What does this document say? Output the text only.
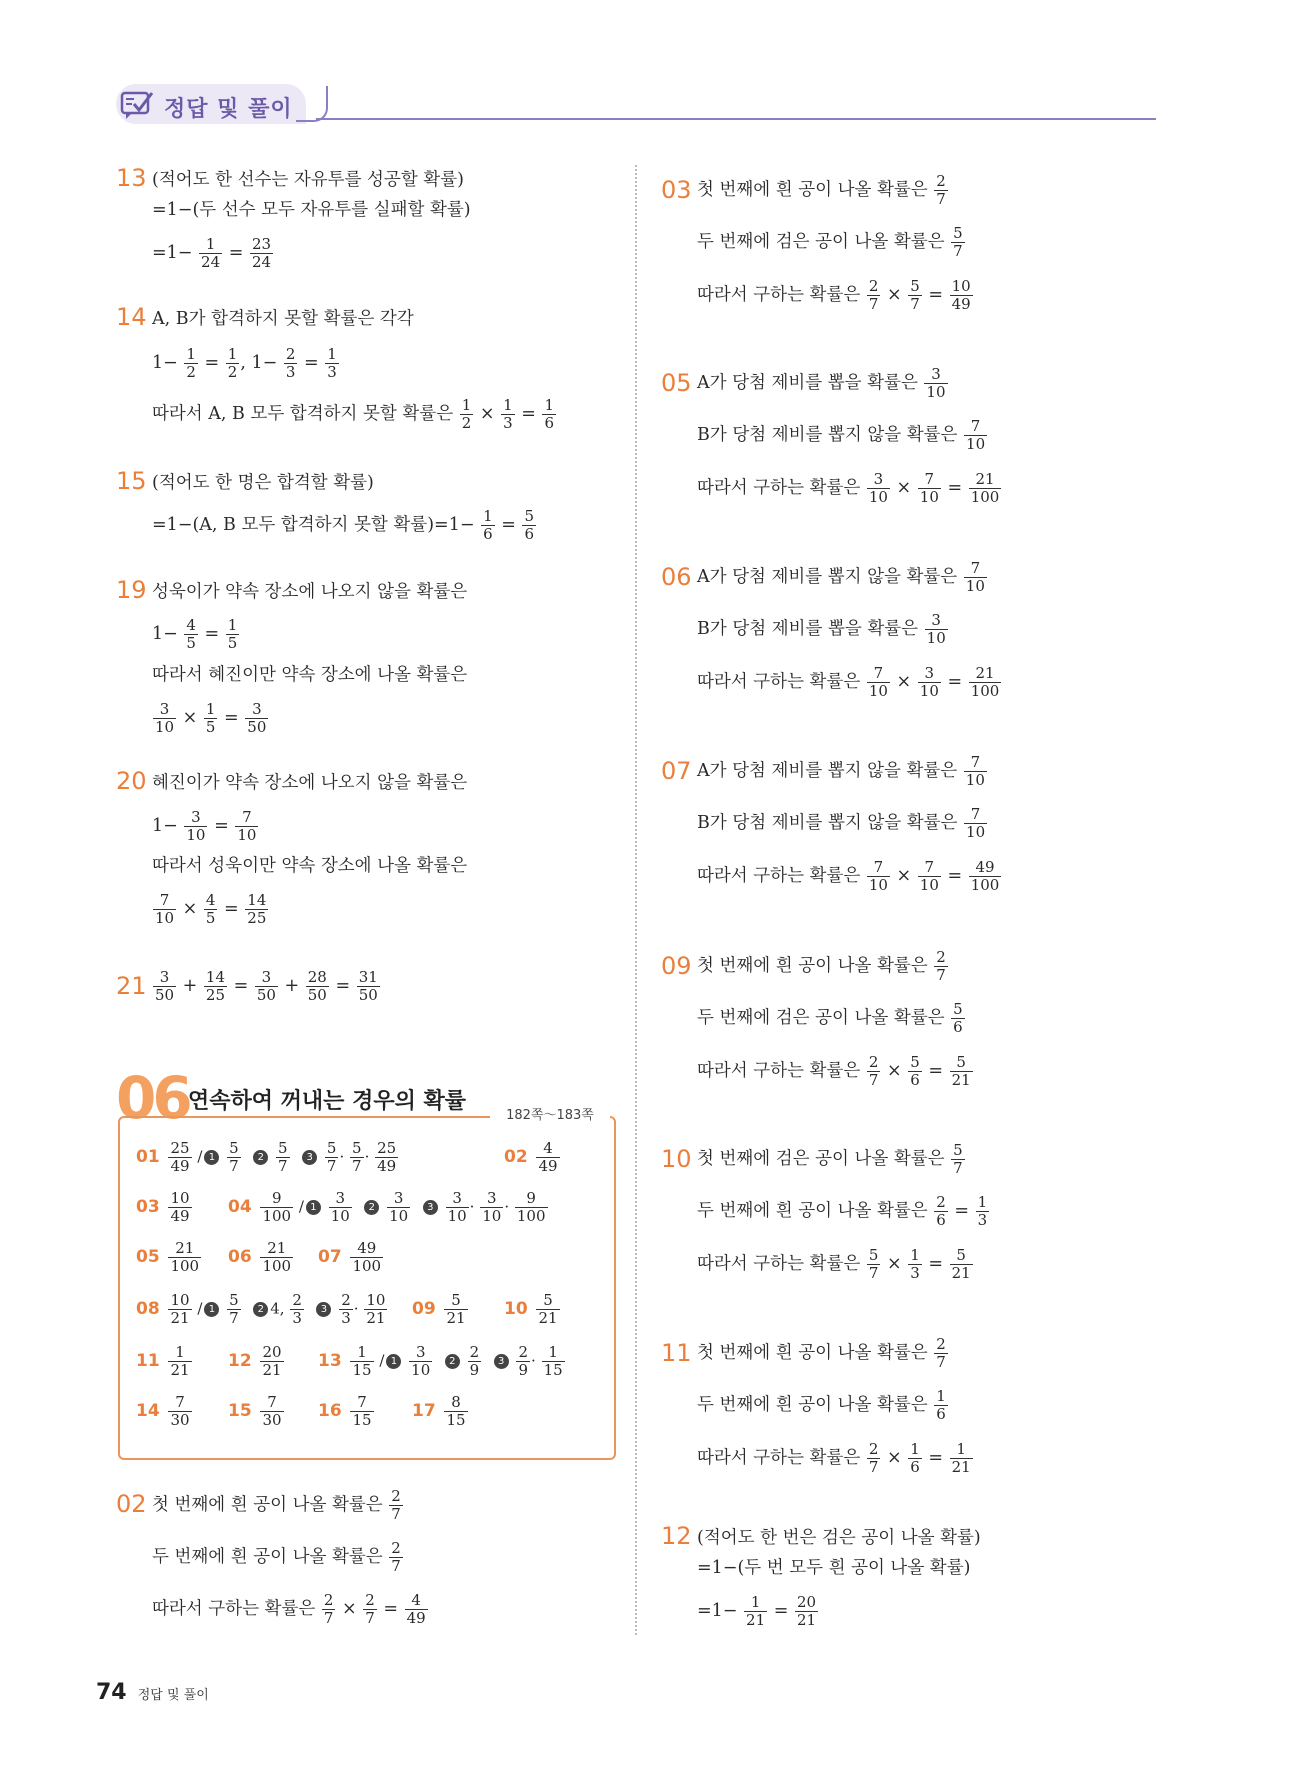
정답 및 풀이
13 (적어도 한 선수는 자유투를 성공할 확률)
=1−(두 선수 모두 자유투를 실패할 확률)
$=1- \frac{1}{24} = \frac{23}{24}$
14 A, B가 합격하지 못할 확률은 각각
$1- \frac{1}{2} = \frac{1}{2}$ , $1- \frac{2}{3} = \frac{1}{3}$
따라서 A, B 모두 합격하지 못할 확률은 $\frac{1}{2} \times \frac{1}{3} = \frac{1}{6}$
15 (적어도 한 명은 합격할 확률)
=1−(A, B 모두 합격하지 못할 확률)$=1- \frac{1}{6} = \frac{5}{6}$
19 성욱이가 약속 장소에 나오지 않을 확률은
$1- \frac{4}{5} = \frac{1}{5}$
따라서 혜진이만 약속 장소에 나올 확률은
$\frac{3}{10} \times \frac{1}{5} = \frac{3}{50}$
20 혜진이가 약속 장소에 나오지 않을 확률은
$1- \frac{3}{10} = \frac{7}{10}$
따라서 성욱이만 약속 장소에 나올 확률은
$\frac{7}{10} \times \frac{4}{5} = \frac{14}{25}$
$21 \frac{3}{50} + \frac{14}{25} = \frac{3}{50} + \frac{28}{50} = \frac{31}{50}$
06 연속하여 꺼내는 경우의 확률
182쪽～183쪽
$01 \frac{25}{49} / 1 \frac{5}{7} 2 \frac{5}{7} 3 \frac{5}{7} \cdot \frac{5}{7} \cdot \frac{25}{49}$	$02 \frac{4}{49}$
$03 \frac{10}{49} 04 \frac{9}{100} / 1 \frac{3}{10} 2 \frac{3}{10} 3 \frac{3}{10} \cdot \frac{3}{10} \cdot \frac{9}{100}$
$05 \frac{21}{100} 06 \frac{21}{100} 07 \frac{49}{100}$
$08 \frac{10}{21} / 1 \frac{5}{7} 2$ 4, $\frac{2}{3} 3 \frac{2}{3} \cdot \frac{10}{21} 09 \frac{5}{21} 10 \frac{5}{21}$
$11 \frac{1}{21} 12 \frac{20}{21} 13 \frac{1}{15} / 1 \frac{3}{10} 2 \frac{2}{9} 3 \frac{2}{9} \cdot \frac{1}{15}$
$14 \frac{7}{30} 15 \frac{7}{30} 16 \frac{7}{15} 17 \frac{8}{15}$
02 첫 번째에 흰 공이 나올 확률은 $\frac{2}{7}$
두 번째에 흰 공이 나올 확률은 $\frac{2}{7}$
따라서 구하는 확률은 $\frac{2}{7} \times \frac{2}{7} = \frac{4}{49}$
03 첫 번째에 흰 공이 나올 확률은 $\frac{2}{7}$
두 번째에 검은 공이 나올 확률은 $\frac{5}{7}$
따라서 구하는 확률은 $\frac{2}{7} \times \frac{5}{7} = \frac{10}{49}$
05 A가 당첨 제비를 뽑을 확률은 $\frac{3}{10}$
B가 당첨 제비를 뽑지 않을 확률은 $\frac{7}{10}$
따라서 구하는 확률은 $\frac{3}{10} \times \frac{7}{10} = \frac{21}{100}$
06 A가 당첨 제비를 뽑지 않을 확률은 $\frac{7}{10}$
B가 당첨 제비를 뽑을 확률은 $\frac{3}{10}$
따라서 구하는 확률은 $\frac{7}{10} \times \frac{3}{10} = \frac{21}{100}$
07 A가 당첨 제비를 뽑지 않을 확률은 $\frac{7}{10}$
B가 당첨 제비를 뽑지 않을 확률은 $\frac{7}{10}$
따라서 구하는 확률은 $\frac{7}{10} \times \frac{7}{10} = \frac{49}{100}$
09 첫 번째에 흰 공이 나올 확률은 $\frac{2}{7}$
두 번째에 검은 공이 나올 확률은 $\frac{5}{6}$
따라서 구하는 확률은 $\frac{2}{7} \times \frac{5}{6} = \frac{5}{21}$
10 첫 번째에 검은 공이 나올 확률은 $\frac{5}{7}$
두 번째에 흰 공이 나올 확률은 $\frac{2}{6} = \frac{1}{3}$
따라서 구하는 확률은 $\frac{5}{7} \times \frac{1}{3} = \frac{5}{21}$
11 첫 번째에 흰 공이 나올 확률은 $\frac{2}{7}$
두 번째에 흰 공이 나올 확률은 $\frac{1}{6}$
따라서 구하는 확률은 $\frac{2}{7} \times \frac{1}{6} = \frac{1}{21}$
12 (적어도 한 번은 검은 공이 나올 확률)
=1−(두 번 모두 흰 공이 나올 확률)
$=1- \frac{1}{21} = \frac{20}{21}$
74 정답 및 풀이
